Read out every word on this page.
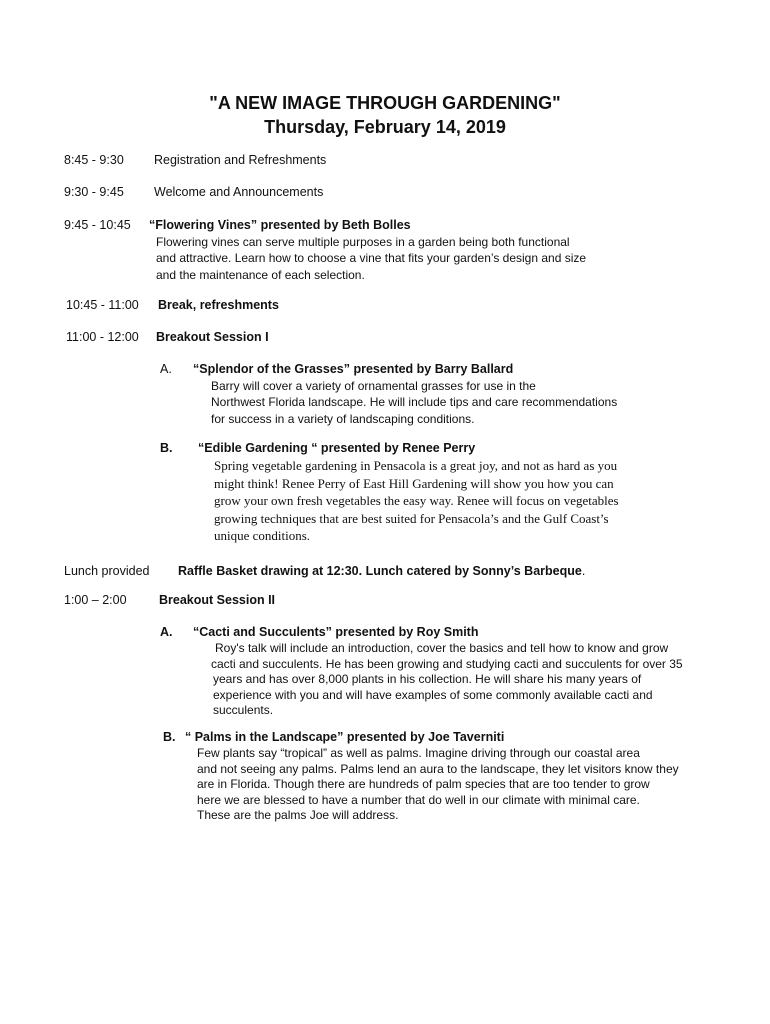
"A NEW IMAGE THROUGH GARDENING"
Thursday, February 14, 2019
8:45 - 9:30 Registration and Refreshments
9:30 - 9:45 Welcome and Announcements
9:45 - 10:45 “Flowering Vines” presented by Beth Bolles
Flowering vines can serve multiple purposes in a garden being both functional
and attractive. Learn how to choose a vine that fits your garden’s design and size
and the maintenance of each selection.
10:45 - 11:00 Break, refreshments
11:00 - 12:00 Breakout Session I
A. “Splendor of the Grasses” presented by Barry Ballard
Barry will cover a variety of ornamental grasses for use in the
Northwest Florida landscape. He will include tips and care recommendations
for success in a variety of landscaping conditions.
B. “Edible Gardening “ presented by Renee Perry
Spring vegetable gardening in Pensacola is a great joy, and not as hard as you
might think! Renee Perry of East Hill Gardening will show you how you can
grow your own fresh vegetables the easy way. Renee will focus on vegetables
growing techniques that are best suited for Pensacola’s and the Gulf Coast’s
unique conditions.
Lunch provided Raffle Basket drawing at 12:30. Lunch catered by Sonny’s Barbeque.
1:00 – 2:00	Breakout Session II
A. “Cacti and Succulents” presented by Roy Smith
Roy's talk will include an introduction, cover the basics and tell how to know and grow
cacti and succulents. He has been growing and studying cacti and succulents for over 35
years and has over 8,000 plants in his collection. He will share his many years of
experience with you and will have examples of some commonly available cacti and
succulents.
B. “ Palms in the Landscape” presented by Joe Taverniti
Few plants say “tropical” as well as palms. Imagine driving through our coastal area
and not seeing any palms. Palms lend an aura to the landscape, they let visitors know they
are in Florida. Though there are hundreds of palm species that are too tender to grow
here we are blessed to have a number that do well in our climate with minimal care.
These are the palms Joe will address.
